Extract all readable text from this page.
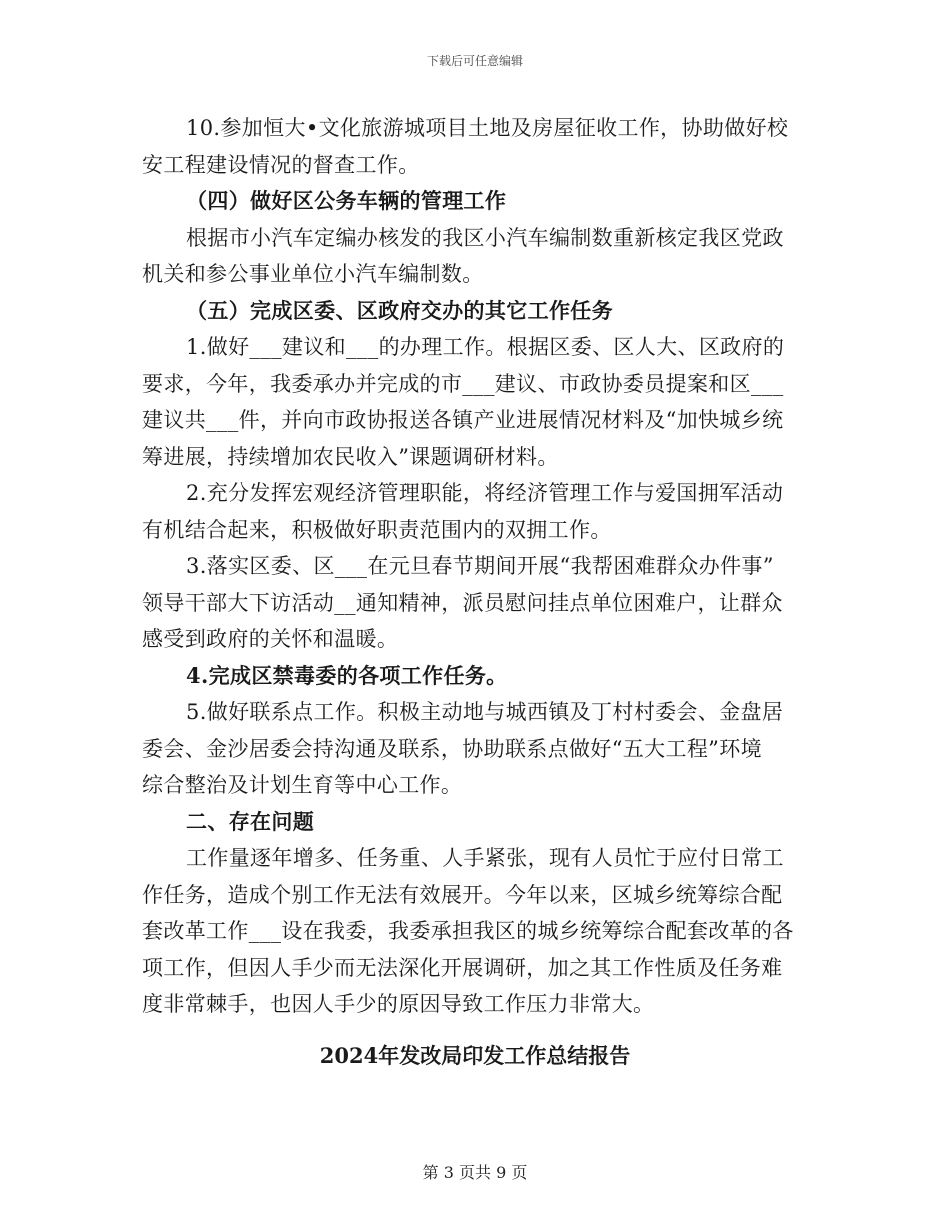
下载后可任意编辑
10.参加恒大•文化旅游城项目土地及房屋征收工作，协助做好校
安工程建设情况的督查工作。
（四）做好区公务车辆的管理工作
根据市小汽车定编办核发的我区小汽车编制数重新核定我区党政
机关和参公事业单位小汽车编制数。
（五）完成区委、区政府交办的其它工作任务
1.做好___建议和___的办理工作。根据区委、区人大、区政府的
要求，今年，我委承办并完成的市___建议、市政协委员提案和区___
建议共___件，并向市政协报送各镇产业进展情况材料及“加快城乡统
筹进展，持续增加农民收入”课题调研材料。
2.充分发挥宏观经济管理职能，将经济管理工作与爱国拥军活动
有机结合起来，积极做好职责范围内的双拥工作。
3.落实区委、区___在元旦春节期间开展“我帮困难群众办件事”
领导干部大下访活动__通知精神，派员慰问挂点单位困难户，让群众
感受到政府的关怀和温暖。
4.完成区禁毒委的各项工作任务。
5.做好联系点工作。积极主动地与城西镇及丁村村委会、金盘居
委会、金沙居委会持沟通及联系，协助联系点做好“五大工程”环境
综合整治及计划生育等中心工作。
二、存在问题
工作量逐年增多、任务重、人手紧张，现有人员忙于应付日常工
作任务，造成个别工作无法有效展开。今年以来，区城乡统筹综合配
套改革工作___设在我委，我委承担我区的城乡统筹综合配套改革的各
项工作，但因人手少而无法深化开展调研，加之其工作性质及任务难
度非常棘手，也因人手少的原因导致工作压力非常大。
2024年发改局印发工作总结报告
第 3 页共 9 页
